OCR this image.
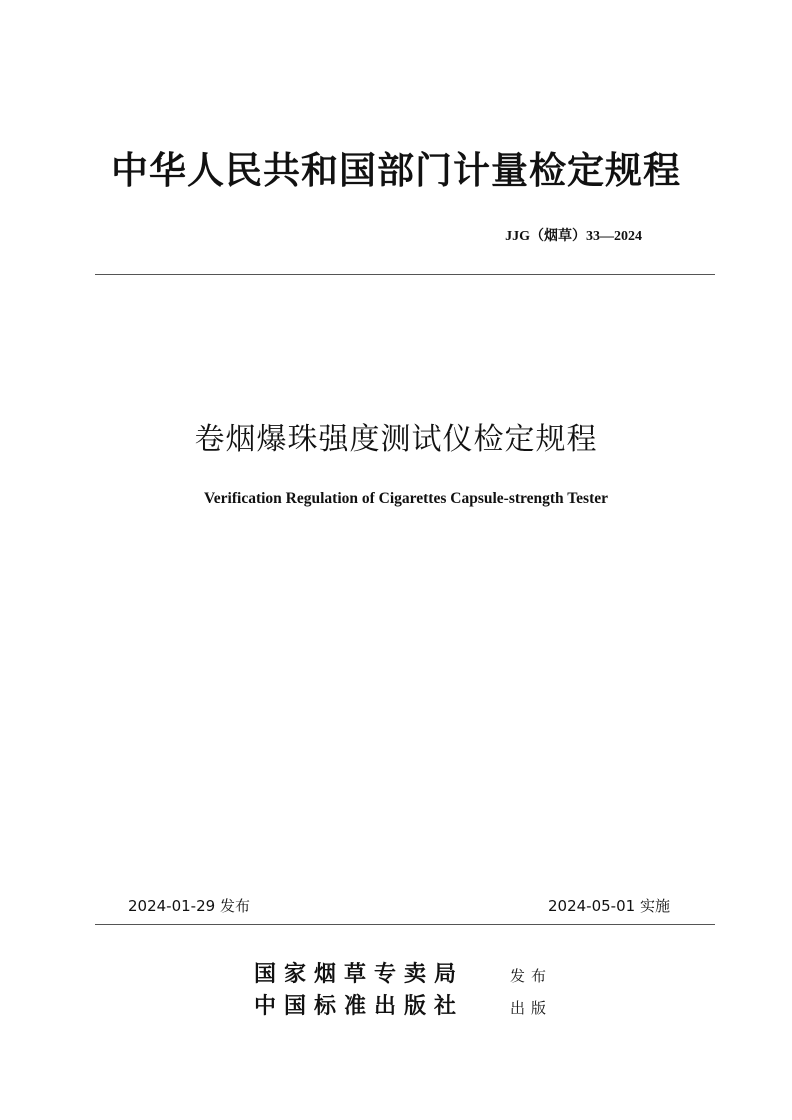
中华人民共和国部门计量检定规程
JJG（烟草）33—2024
卷烟爆珠强度测试仪检定规程
Verification Regulation of Cigarettes Capsule-strength Tester
2024-01-29 发布	2024-05-01 实施
国家烟草专卖局	发布
中国标准出版社	出版
